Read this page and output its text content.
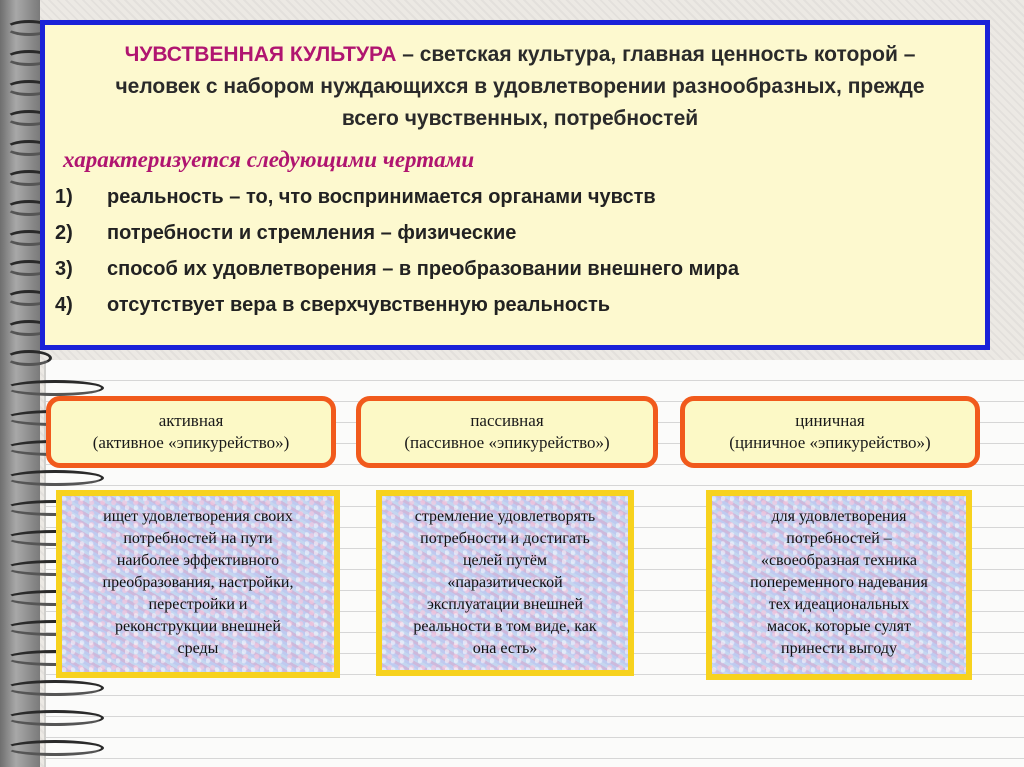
ЧУВСТВЕННАЯ КУЛЬТУРА – светская культура, главная ценность которой – человек с набором нуждающихся в удовлетворении разнообразных, прежде всего чувственных, потребностей
характеризуется следующими чертами
1)	реальность – то, что воспринимается органами чувств
2)	потребности и стремления – физические
3)	способ их удовлетворения – в преобразовании внешнего мира
4)	отсутствует вера в сверхчувственную реальность
активная
(активное «эпикурейство»)
пассивная
(пассивное «эпикурейство»)
циничная
(циничное «эпикурейство»)
ищет удовлетворения своих
потребностей на пути
наиболее эффективного
преобразования, настройки,
перестройки и
реконструкции внешней
среды
стремление удовлетворять
потребности и достигать
целей путём
«паразитической
эксплуатации внешней
реальности в том виде, как
она есть»
для удовлетворения
потребностей –
«своеобразная техника
попеременного надевания
тех идеациональных
масок, которые сулят
принести выгоду
